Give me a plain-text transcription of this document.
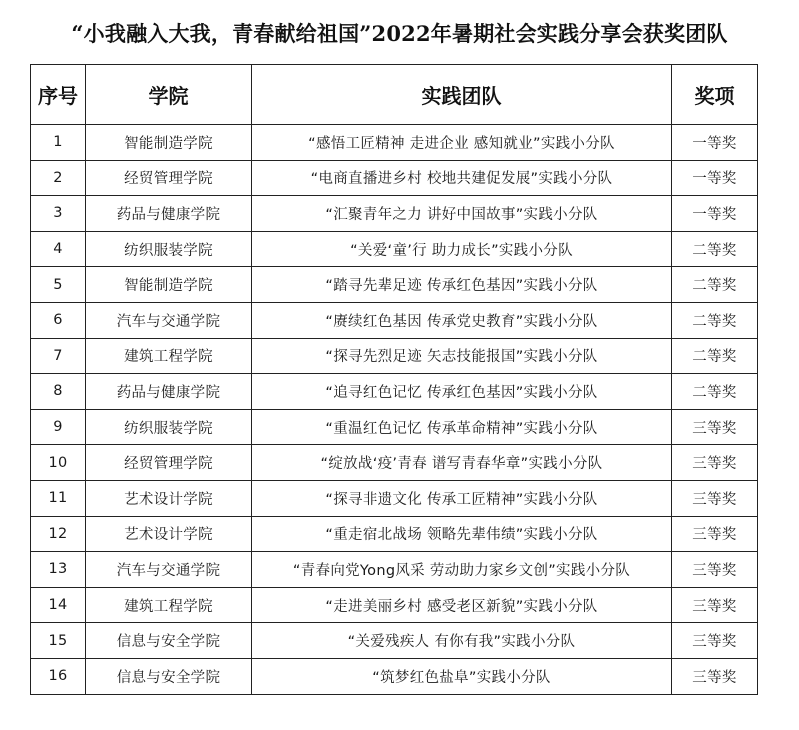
“小我融入大我，青春献给祖国”2022年暑期社会实践分享会获奖团队
序号	学院	实践团队	奖项
1	智能制造学院	“感悟工匠精神 走进企业 感知就业”实践小分队	一等奖
2	经贸管理学院	“电商直播进乡村 校地共建促发展”实践小分队	一等奖
3	药品与健康学院	“汇聚青年之力 讲好中国故事”实践小分队	一等奖
4	纺织服装学院	“关爱‘童’行 助力成长”实践小分队	二等奖
5	智能制造学院	“踏寻先辈足迹 传承红色基因”实践小分队	二等奖
6	汽车与交通学院	“赓续红色基因 传承党史教育”实践小分队	二等奖
7	建筑工程学院	“探寻先烈足迹 矢志技能报国”实践小分队	二等奖
8	药品与健康学院	“追寻红色记忆 传承红色基因”实践小分队	二等奖
9	纺织服装学院	“重温红色记忆 传承革命精神”实践小分队	三等奖
10	经贸管理学院	“绽放战‘疫’青春 谱写青春华章”实践小分队	三等奖
11	艺术设计学院	“探寻非遗文化 传承工匠精神”实践小分队	三等奖
12	艺术设计学院	“重走宿北战场 领略先辈伟绩”实践小分队	三等奖
13	汽车与交通学院	“青春向党Yong风采 劳动助力家乡文创”实践小分队	三等奖
14	建筑工程学院	“走进美丽乡村 感受老区新貌”实践小分队	三等奖
15	信息与安全学院	“关爱残疾人 有你有我”实践小分队	三等奖
16	信息与安全学院	“筑梦红色盐阜”实践小分队	三等奖
